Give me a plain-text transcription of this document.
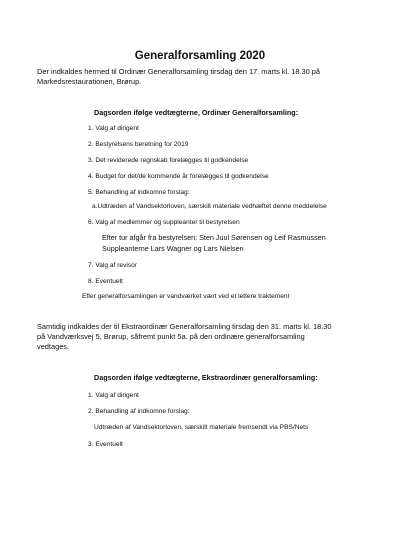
Generalforsamling 2020
Der indkaldes hermed til Ordinær Generalforsamling tirsdag den 17. marts kl. 18.30 på
Markedsrestaurationen, Brørup.
Dagsorden ifølge vedtægterne, Ordinær Generalforsamling:
1. Valg af dirigent
2. Bestyrelsens beretning for 2019
3. Det reviderede regnskab forelægges til godkendelse
4. Budget for det/de kommende år forelægges til godkendelse
5. Behandling af indkomne forslag:
a.Udtræden af Vandsektorloven, særskilt materiale vedhæftet denne meddelelse
6. Valg af medlemmer og suppleanter til bestyrelsen
Efter tur afgår fra bestyrelsen: Sten Juul Sørensen og Leif Rasmussen
Suppleanterne Lars Wagner og Lars Nielsen
7. Valg af revisor
8. Eventuelt
Efter generalforsamlingen er vandværket vært ved et lettere traktement
Samtidig indkaldes der til Ekstraordinær Generalforsamling tirsdag den 31. marts kl. 18.30
på Vandværksvej 5, Brørup, såfremt punkt 5a. på den ordinære generalforsamling
vedtages.
Dagsorden ifølge vedtægterne, Ekstraordinær generalforsamling:
1. Valg af dirigent
2. Behandling af indkomne forslag:
Udtræden af Vandsektorloven, særskilt materiale fremsendt via PBS/Nets
3. Eventuelt
